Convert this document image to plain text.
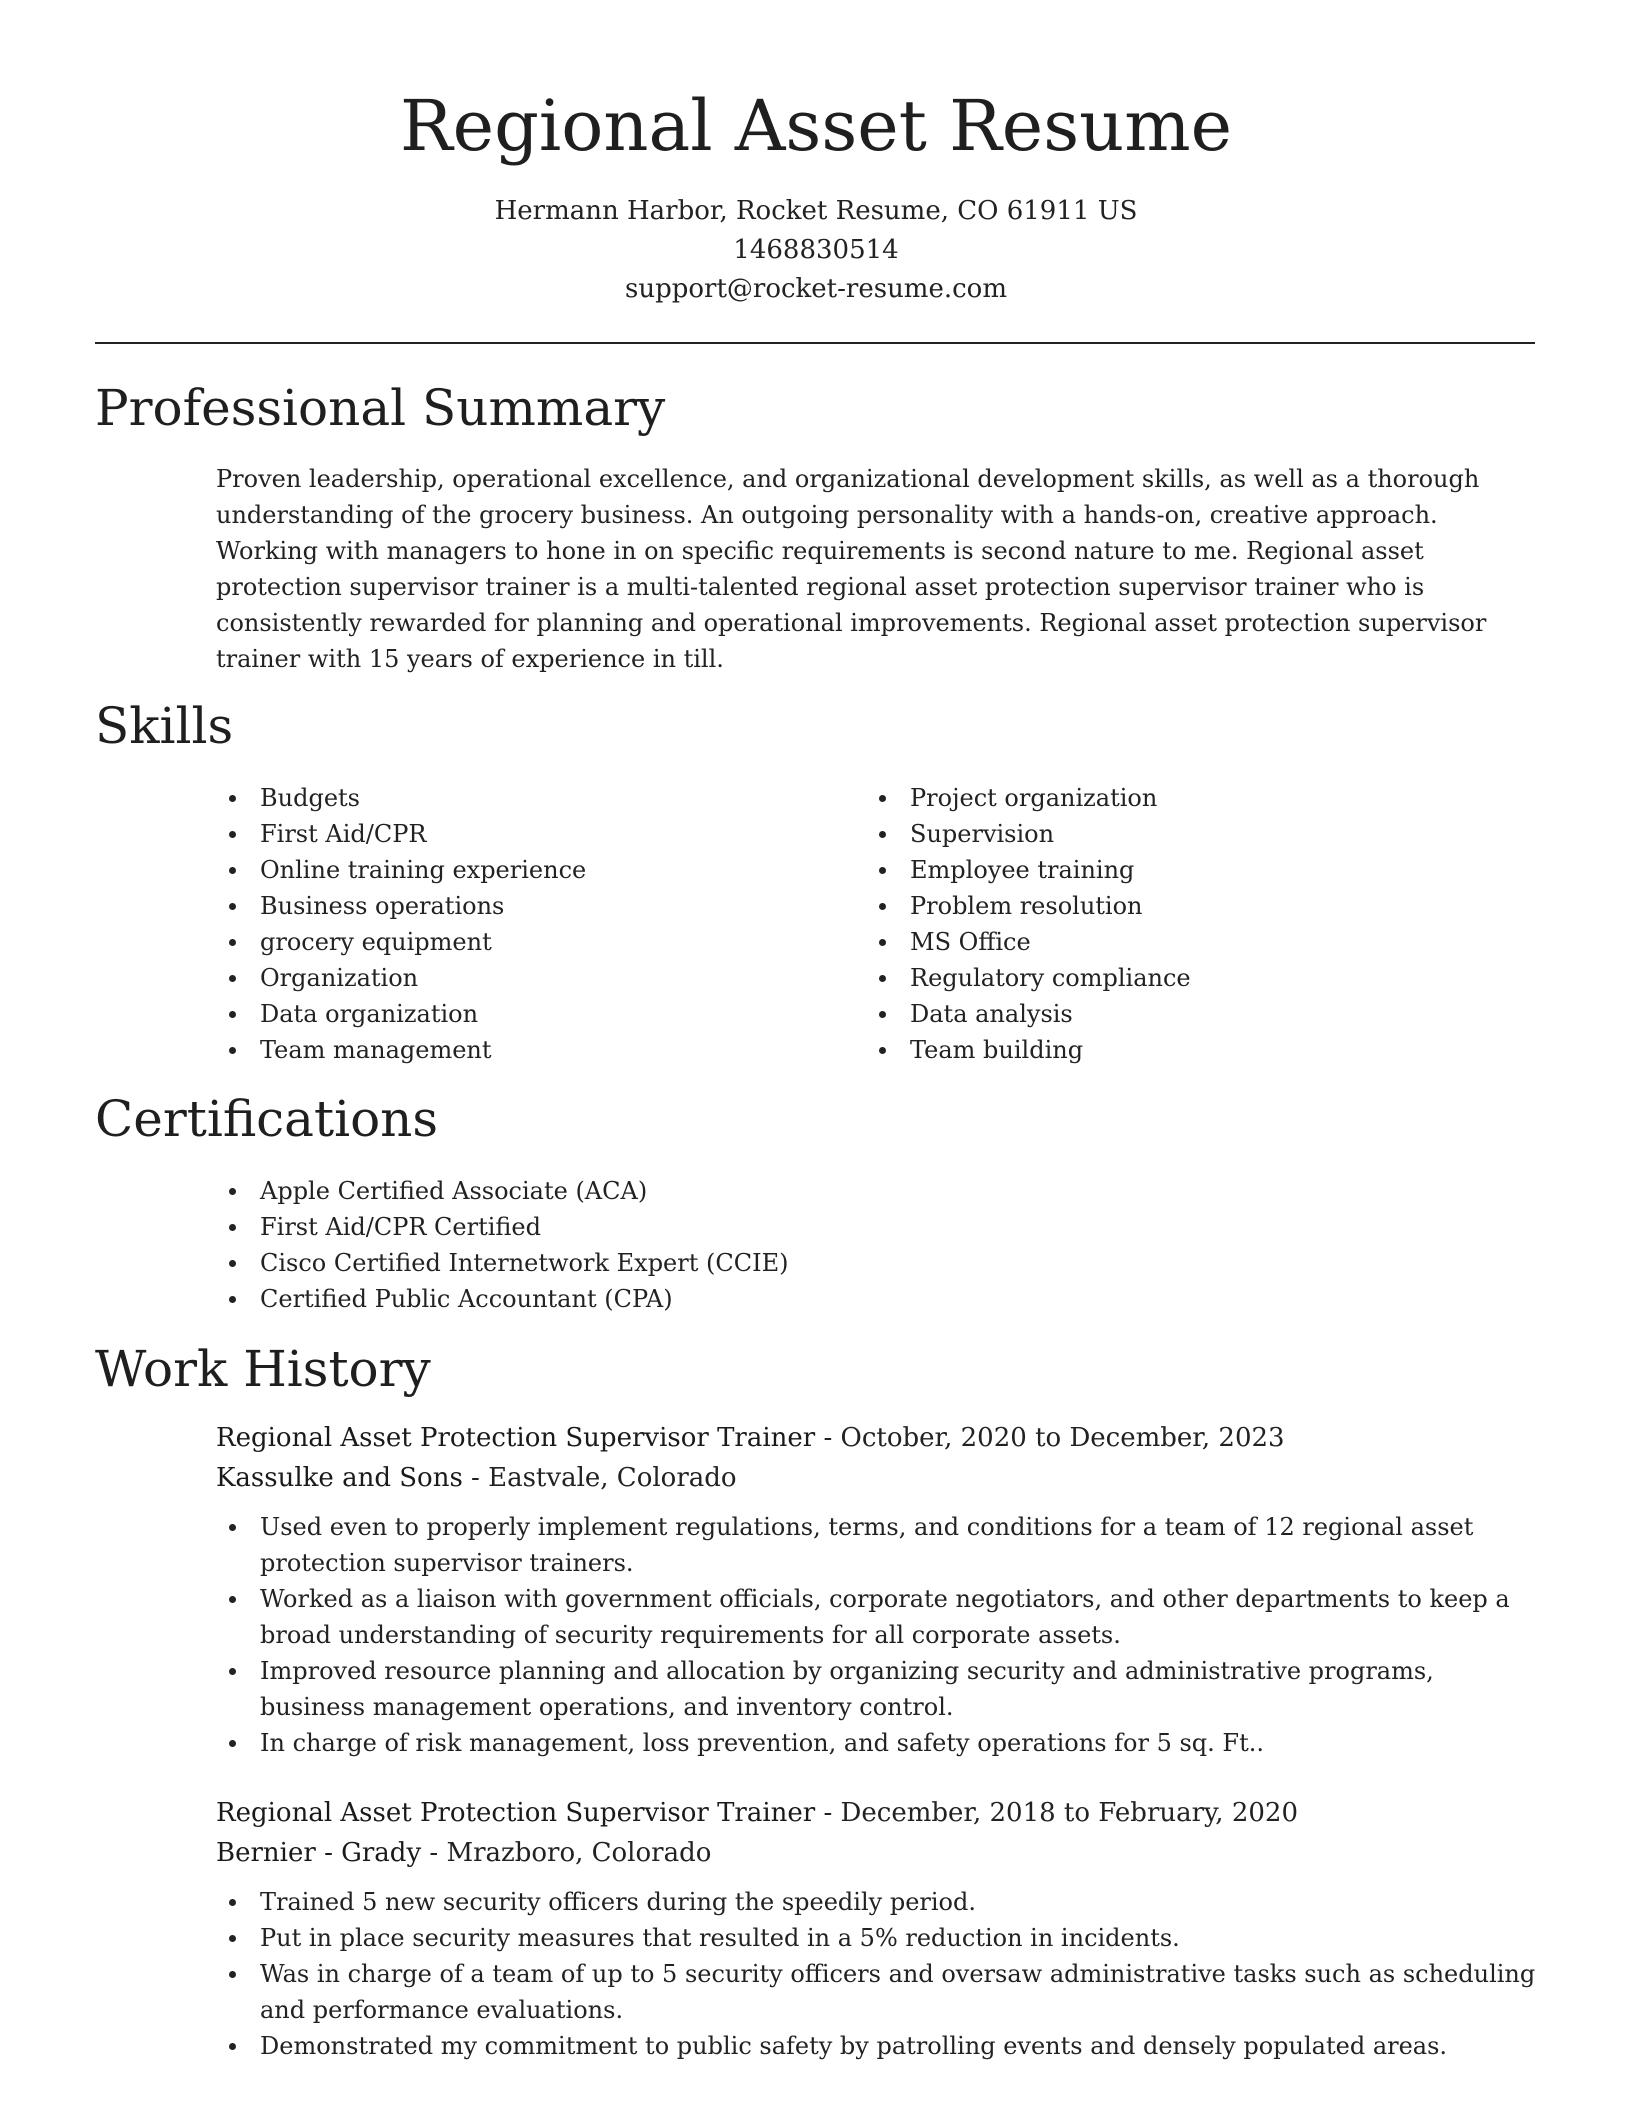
Regional Asset Resume
Hermann Harbor, Rocket Resume, CO 61911 US
1468830514
support@rocket-resume.com
Professional Summary

Proven leadership, operational excellence, and organizational development skills, as well as a thorough understanding of the grocery business. An outgoing personality with a hands-on, creative approach. Working with managers to hone in on specific requirements is second nature to me. Regional asset protection supervisor trainer is a multi-talented regional asset protection supervisor trainer who is consistently rewarded for planning and operational improvements. Regional asset protection supervisor trainer with 15 years of experience in till.

Skills
Budgets
First Aid/CPR
Online training experience
Business operations
grocery equipment
Organization
Data organization
Team management
Project organization
Supervision
Employee training
Problem resolution
MS Office
Regulatory compliance
Data analysis
Team building
Certifications
Apple Certified Associate (ACA)
First Aid/CPR Certified
Cisco Certified Internetwork Expert (CCIE)
Certified Public Accountant (CPA)
Work History
Regional Asset Protection Supervisor Trainer - October, 2020 to December, 2023
Kassulke and Sons - Eastvale, Colorado
Used even to properly implement regulations, terms, and conditions for a team of 12 regional asset protection supervisor trainers.
Worked as a liaison with government officials, corporate negotiators, and other departments to keep a broad understanding of security requirements for all corporate assets.
Improved resource planning and allocation by organizing security and administrative programs, business management operations, and inventory control.
In charge of risk management, loss prevention, and safety operations for 5 sq. Ft..
Regional Asset Protection Supervisor Trainer - December, 2018 to February, 2020
Bernier - Grady - Mrazboro, Colorado
Trained 5 new security officers during the speedily period.
Put in place security measures that resulted in a 5% reduction in incidents.
Was in charge of a team of up to 5 security officers and oversaw administrative tasks such as scheduling and performance evaluations.
Demonstrated my commitment to public safety by patrolling events and densely populated areas.
